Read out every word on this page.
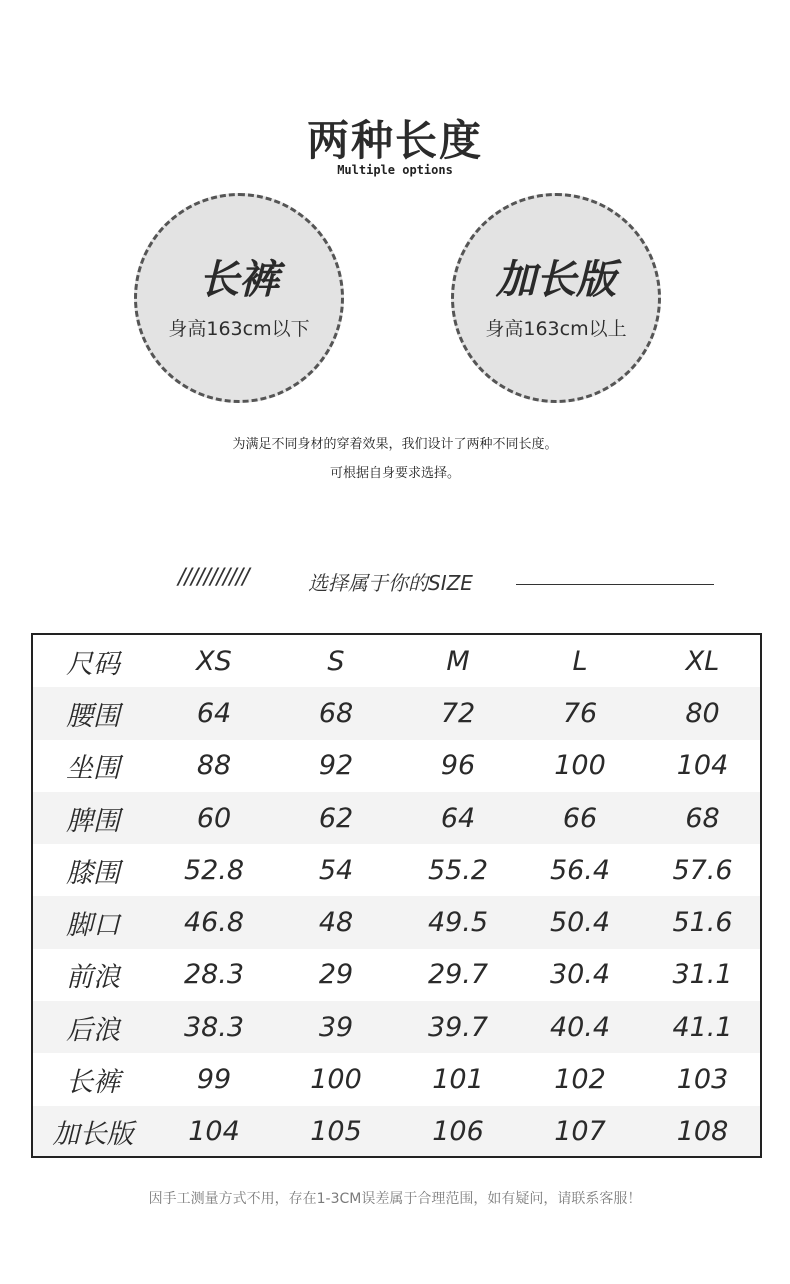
两种长度
Multiple options
长裤
身高163cm以下
加长版
身高163cm以上
为满足不同身材的穿着效果，我们设计了两种不同长度。
可根据自身要求选择。
///////////	选择属于你的SIZE
尺码	XS	S	M	L	XL
腰围	64	68	72	76	80
坐围	88	92	96	100	104
脾围	60	62	64	66	68
膝围	52.8	54	55.2	56.4	57.6
脚口	46.8	48	49.5	50.4	51.6
前浪	28.3	29	29.7	30.4	31.1
后浪	38.3	39	39.7	40.4	41.1
长裤	99	100	101	102	103
加长版	104	105	106	107	108
因手工测量方式不用，存在1-3CM误差属于合理范围，如有疑问，请联系客服！
